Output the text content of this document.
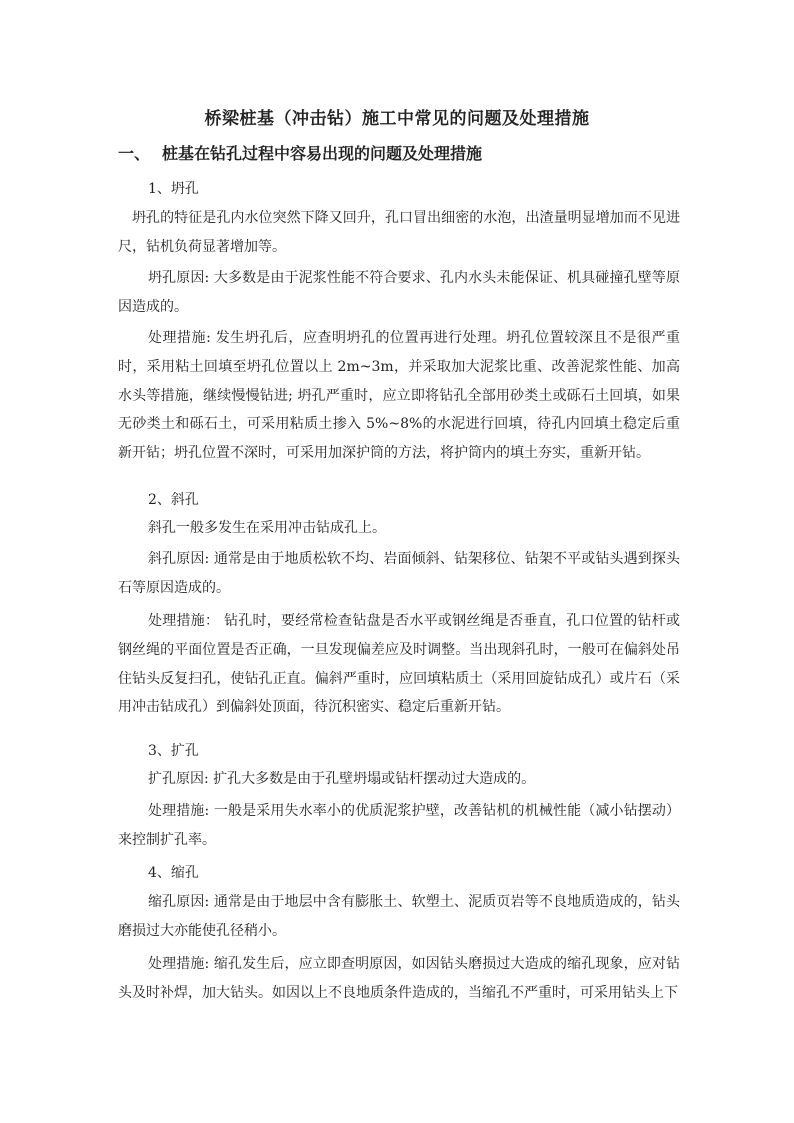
桥梁桩基（冲击钻）施工中常见的问题及处理措施
一、 桩基在钻孔过程中容易出现的问题及处理措施
1、坍孔

坍孔的特征是孔内水位突然下降又回升，孔口冒出细密的水泡，出渣量明显增加而不见进尺，钻机负荷显著增加等。

坍孔原因: 大多数是由于泥浆性能不符合要求、孔内水头未能保证、机具碰撞孔壁等原因造成的。

处理措施: 发生坍孔后，应查明坍孔的位置再进行处理。坍孔位置较深且不是很严重时，采用粘土回填至坍孔位置以上 2m~3m，并采取加大泥浆比重、改善泥浆性能、加高水头等措施，继续慢慢钻进; 坍孔严重时，应立即将钻孔全部用砂类土或砾石土回填，如果无砂类土和砾石土，可采用粘质土掺入 5%~8%的水泥进行回填，待孔内回填土稳定后重新开钻；坍孔位置不深时，可采用加深护筒的方法，将护筒内的填土夯实，重新开钻。

2、斜孔

斜孔一般多发生在采用冲击钻成孔上。

斜孔原因: 通常是由于地质松软不均、岩面倾斜、钻架移位、钻架不平或钻头遇到探头石等原因造成的。

处理措施： 钻孔时，要经常检查钻盘是否水平或钢丝绳是否垂直，孔口位置的钻杆或钢丝绳的平面位置是否正确，一旦发现偏差应及时调整。当出现斜孔时，一般可在偏斜处吊住钻头反复扫孔，使钻孔正直。偏斜严重时，应回填粘质土（采用回旋钻成孔）或片石（采用冲击钻成孔）到偏斜处顶面，待沉积密实、稳定后重新开钻。

3、扩孔

扩孔原因: 扩孔大多数是由于孔壁坍塌或钻杆摆动过大造成的。

处理措施: 一般是采用失水率小的优质泥浆护壁，改善钻机的机械性能（减小钻摆动）来控制扩孔率。

4、缩孔

缩孔原因: 通常是由于地层中含有膨胀土、软塑土、泥质页岩等不良地质造成的，钻头磨损过大亦能使孔径稍小。

处理措施: 缩孔发生后，应立即查明原因，如因钻头磨损过大造成的缩孔现象，应对钻头及时补焊，加大钻头。如因以上不良地质条件造成的，当缩孔不严重时，可采用钻头上下
